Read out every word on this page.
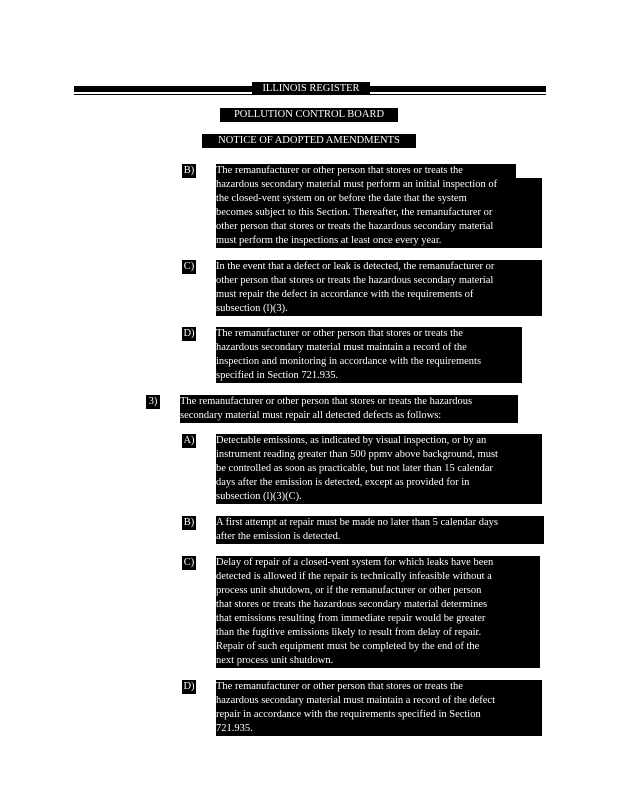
ILLINOIS REGISTER
POLLUTION CONTROL BOARD
NOTICE OF ADOPTED AMENDMENTS
B) The remanufacturer or other person that stores or treats the
hazardous secondary material must perform an initial inspection of
the closed-vent system on or before the date that the system
becomes subject to this Section. Thereafter, the remanufacturer or
other person that stores or treats the hazardous secondary material
must perform the inspections at least once every year.
C) In the event that a defect or leak is detected, the remanufacturer or
other person that stores or treats the hazardous secondary material
must repair the defect in accordance with the requirements of
subsection (l)(3).
D) The remanufacturer or other person that stores or treats the
hazardous secondary material must maintain a record of the
inspection and monitoring in accordance with the requirements
specified in Section 721.935.
3) The remanufacturer or other person that stores or treats the hazardous
secondary material must repair all detected defects as follows:
A) Detectable emissions, as indicated by visual inspection, or by an
instrument reading greater than 500 ppmv above background, must
be controlled as soon as practicable, but not later than 15 calendar
days after the emission is detected, except as provided for in
subsection (l)(3)(C).
B) A first attempt at repair must be made no later than 5 calendar days
after the emission is detected.
C) Delay of repair of a closed-vent system for which leaks have been
detected is allowed if the repair is technically infeasible without a
process unit shutdown, or if the remanufacturer or other person
that stores or treats the hazardous secondary material determines
that emissions resulting from immediate repair would be greater
than the fugitive emissions likely to result from delay of repair.
Repair of such equipment must be completed by the end of the
next process unit shutdown.
D) The remanufacturer or other person that stores or treats the
hazardous secondary material must maintain a record of the defect
repair in accordance with the requirements specified in Section
721.935.
